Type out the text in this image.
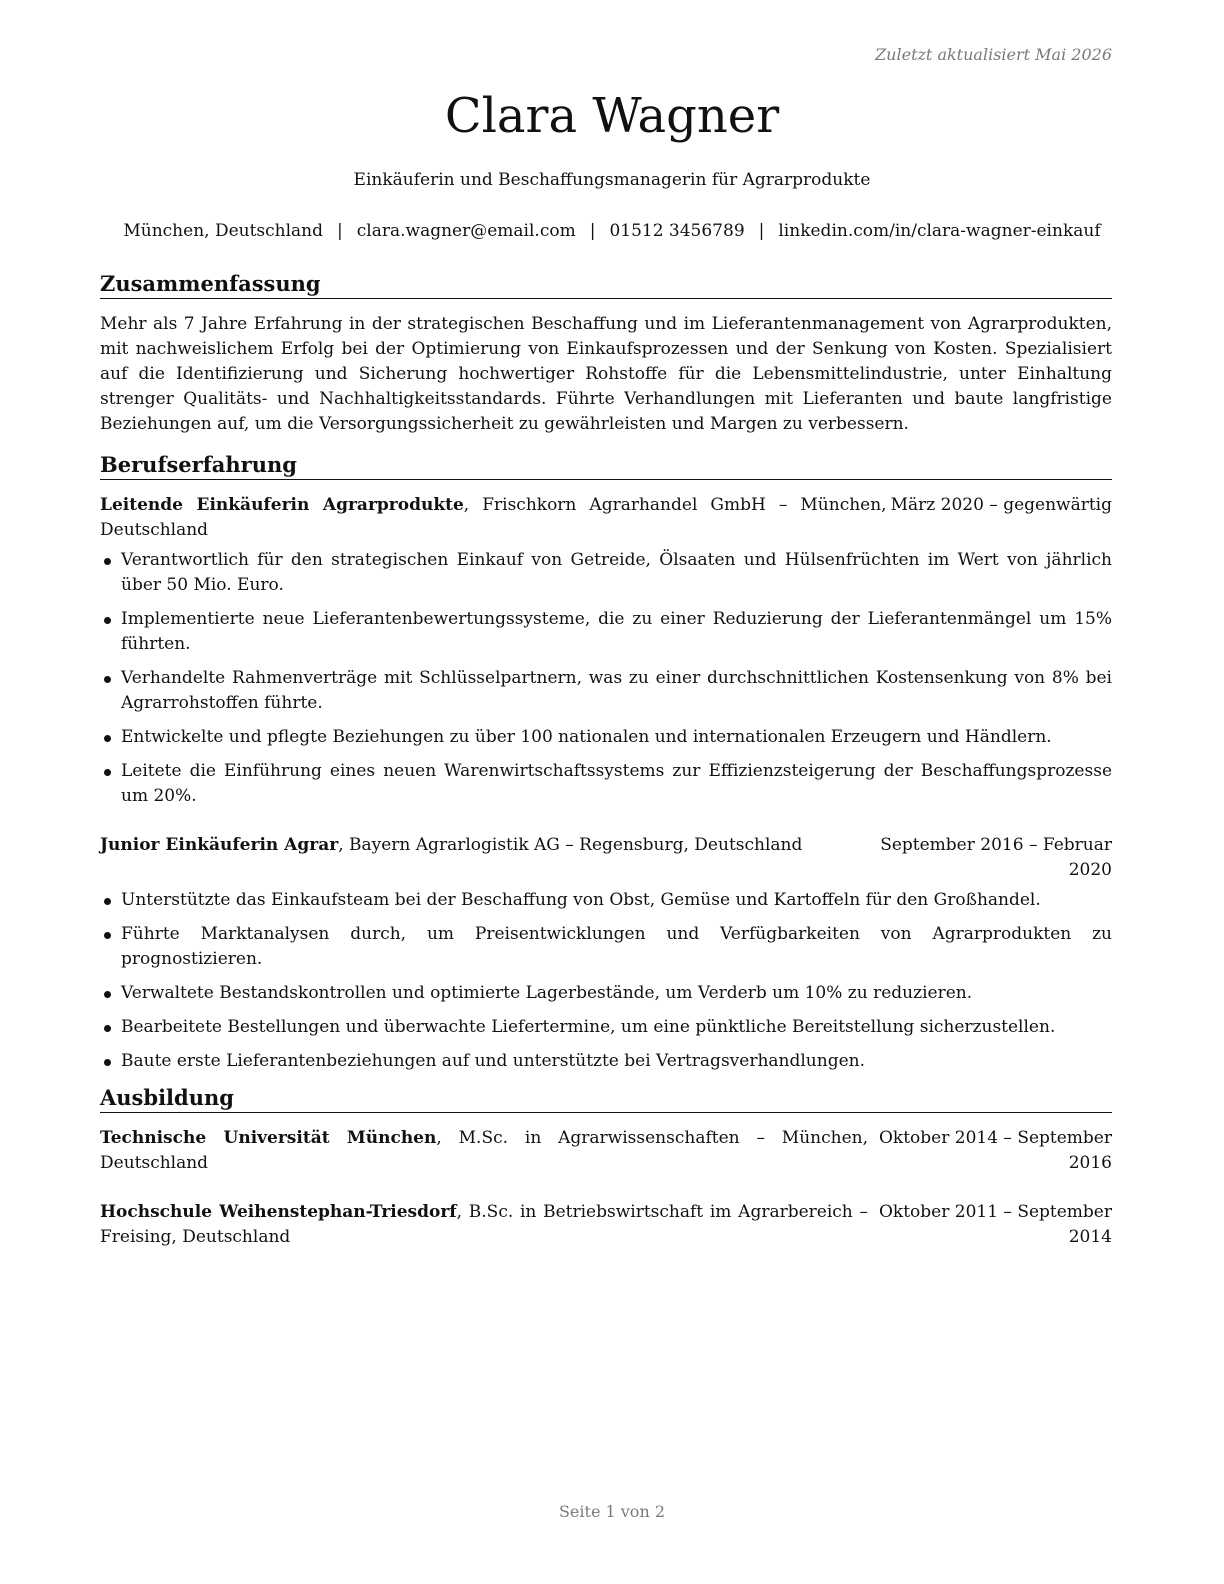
Zuletzt aktualisiert Mai 2026
Clara Wagner
Einkäuferin und Beschaffungsmanagerin für Agrarprodukte
München, Deutschland | clara.wagner@email.com | 01512 3456789 | linkedin.com/in/clara-wagner-einkauf
Zusammenfassung

Mehr als 7 Jahre Erfahrung in der strategischen Beschaffung und im Lieferantenmanagement von Agrarprodukten, mit nachweislichem Erfolg bei der Optimierung von Einkaufsprozessen und der Senkung von Kosten. Spezialisiert auf die Identifizierung und Sicherung hochwertiger Rohstoffe für die Lebensmittelindustrie, unter Einhaltung strenger Qualitäts- und Nachhaltigkeitsstandards. Führte Verhandlungen mit Lieferanten und baute langfristige Beziehungen auf, um die Versorgungssicherheit zu gewährleisten und Margen zu verbessern.

Berufserfahrung
Leitende Einkäuferin Agrarprodukte, Frischkorn Agrarhandel GmbH – München, Deutschland
März 2020 – gegenwärtig
Verantwortlich für den strategischen Einkauf von Getreide, Ölsaaten und Hülsenfrüchten im Wert von jährlich über 50 Mio. Euro.
Implementierte neue Lieferantenbewertungssysteme, die zu einer Reduzierung der Lieferantenmängel um 15% führten.
Verhandelte Rahmenverträge mit Schlüsselpartnern, was zu einer durchschnittlichen Kostensenkung von 8% bei Agrarrohstoffen führte.
Entwickelte und pflegte Beziehungen zu über 100 nationalen und internationalen Erzeugern und Händlern.
Leitete die Einführung eines neuen Warenwirtschaftssystems zur Effizienzsteigerung der Beschaffungsprozesse um 20%.
Junior Einkäuferin Agrar, Bayern Agrarlogistik AG – Regensburg, Deutschland	September 2016 – Februar 2020
Unterstützte das Einkaufsteam bei der Beschaffung von Obst, Gemüse und Kartoffeln für den Großhandel.
Führte Marktanalysen durch, um Preisentwicklungen und Verfügbarkeiten von Agrarprodukten zu prognostizieren.
Verwaltete Bestandskontrollen und optimierte Lagerbestände, um Verderb um 10% zu reduzieren.
Bearbeitete Bestellungen und überwachte Liefertermine, um eine pünktliche Bereitstellung sicherzustellen.
Baute erste Lieferantenbeziehungen auf und unterstützte bei Vertragsverhandlungen.
Ausbildung
Technische Universität München, M.Sc. in Agrarwissenschaften – München, Deutschland
Oktober 2014 – September 2016
Hochschule Weihenstephan-Triesdorf, B.Sc. in Betriebswirtschaft im Agrarbereich – Freising, Deutschland
Oktober 2011 – September 2014
Seite 1 von 2
